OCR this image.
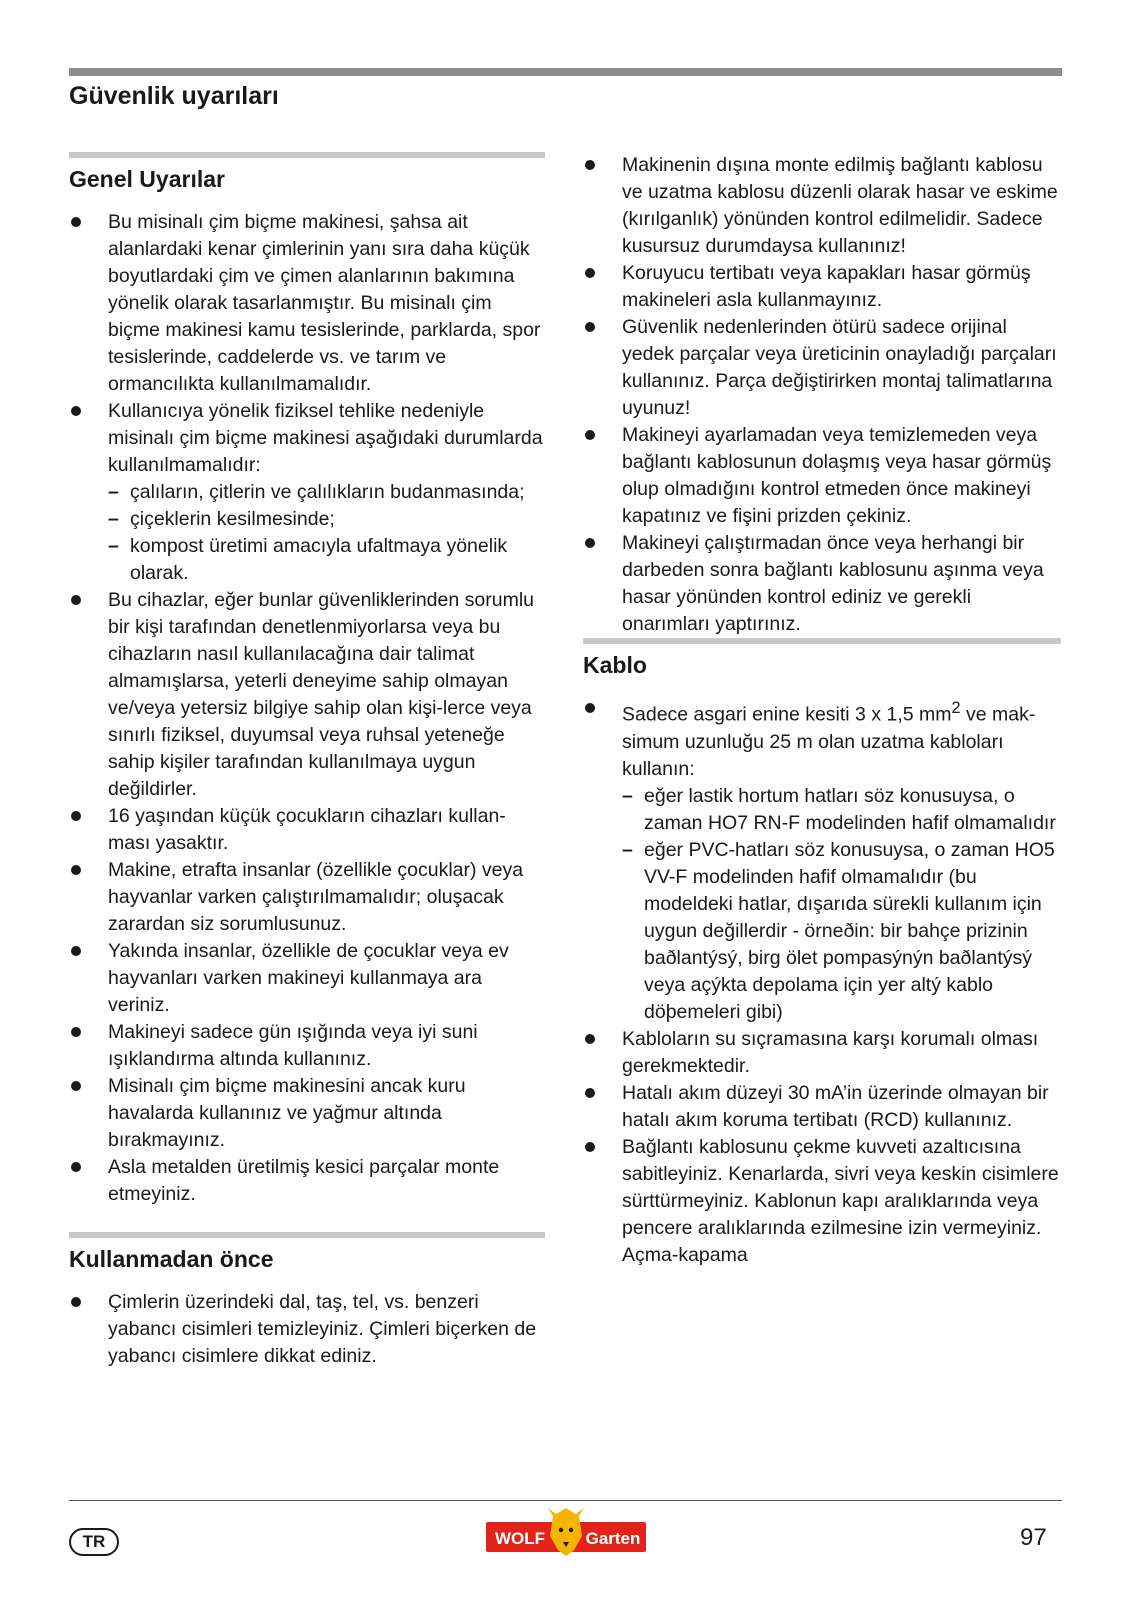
Güvenlik uyarıları
Genel Uyarılar
Bu misinalı çim biçme makinesi, şahsa ait alanlardaki kenar çimlerinin yanı sıra daha küçük boyutlardaki çim ve çimen alanlarının bakımına yönelik olarak tasarlanmıştır. Bu misinalı çim biçme makinesi kamu tesislerinde, parklarda, spor tesislerinde, caddelerde vs. ve tarım ve ormancılıkta kullanılmamalıdır.
Kullanıcıya yönelik fiziksel tehlike nedeniyle misinalı çim biçme makinesi aşağıdaki durumlarda kullanılmamalıdır:
– çalıların, çitlerin ve çalılıkların budanmasında;
– çiçeklerin kesilmesinde;
– kompost üretimi amacıyla ufaltmaya yönelik olarak.
Bu cihazlar, eğer bunlar güvenliklerinden sorumlu bir kişi tarafından denetlenmiyorlarsa veya bu cihazların nasıl kullanılacağına dair talimat almamışlarsa, yeterli deneyime sahip olmayan ve/veya yetersiz bilgiye sahip olan kişi-lerce veya sınırlı fiziksel, duyumsal veya ruhsal yeteneğe sahip kişiler tarafından kullanılmaya uygun değildirler.
16 yaşından küçük çocukların cihazları kullan-ması yasaktır.
Makine, etrafta insanlar (özellikle çocuklar) veya hayvanlar varken çalıştırılmamalıdır; oluşacak zarardan siz sorumlusunuz.
Yakında insanlar, özellikle de çocuklar veya ev hayvanları varken makineyi kullanmaya ara veriniz.
Makineyi sadece gün ışığında veya iyi suni ışıklandırma altında kullanınız.
Misinalı çim biçme makinesini ancak kuru havalarda kullanınız ve yağmur altında bırakmayınız.
Asla metalden üretilmiş kesici parçalar monte etmeyiniz.
Kullanmadan önce
Çimlerin üzerindeki dal, taş, tel, vs. benzeri yabancı cisimleri temizleyiniz. Çimleri biçerken de yabancı cisimlere dikkat ediniz.
Makinenin dışına monte edilmiş bağlantı kablosu ve uzatma kablosu düzenli olarak hasar ve eskime (kırılganlık) yönünden kontrol edilmelidir. Sadece kusursuz durumdaysa kullanınız!
Koruyucu tertibatı veya kapakları hasar görmüş makineleri asla kullanmayınız.
Güvenlik nedenlerinden ötürü sadece orijinal yedek parçalar veya üreticinin onayladığı parçaları kullanınız. Parça değiştirirken montaj talimatlarına uyunuz!
Makineyi ayarlamadan veya temizlemeden veya bağlantı kablosunun dolaşmış veya hasar görmüş olup olmadığını kontrol etmeden önce makineyi kapatınız ve fişini prizden çekiniz.
Makineyi çalıştırmadan önce veya herhangi bir darbeden sonra bağlantı kablosunu aşınma veya hasar yönünden kontrol ediniz ve gerekli onarımları yaptırınız.
Kablo
Sadece asgari enine kesiti 3 x 1,5 $mm^2$ ve mak-simum uzunluğu 25 m olan uzatma kabloları kullanın:
– eğer lastik hortum hatları söz konusuysa, o zaman HO7 RN-F modelinden hafif olmamalıdır
– eğer PVC-hatları söz konusuysa, o zaman HO5 VV-F modelinden hafif olmamalıdır (bu modeldeki hatlar, dışarıda sürekli kullanım için uygun değillerdir - örneðin: bir bahçe prizinin baðlantýsý, birg ölet pompasýnýn baðlantýsý veya açýkta depolama için yer altý kablo döþemeleri gibi)
Kabloların su sıçramasına karşı korumalı olması gerekmektedir.
Hatalı akım düzeyi 30 mA’in üzerinde olmayan bir hatalı akım koruma tertibatı (RCD) kullanınız.
Bağlantı kablosunu çekme kuvveti azaltıcısına sabitleyiniz. Kenarlarda, sivri veya keskin cisimlere sürttürmeyiniz. Kablonun kapı aralıklarında veya pencere aralıklarında ezilmesine izin vermeyiniz. Açma-kapama
TR	WOLF Garten	97
